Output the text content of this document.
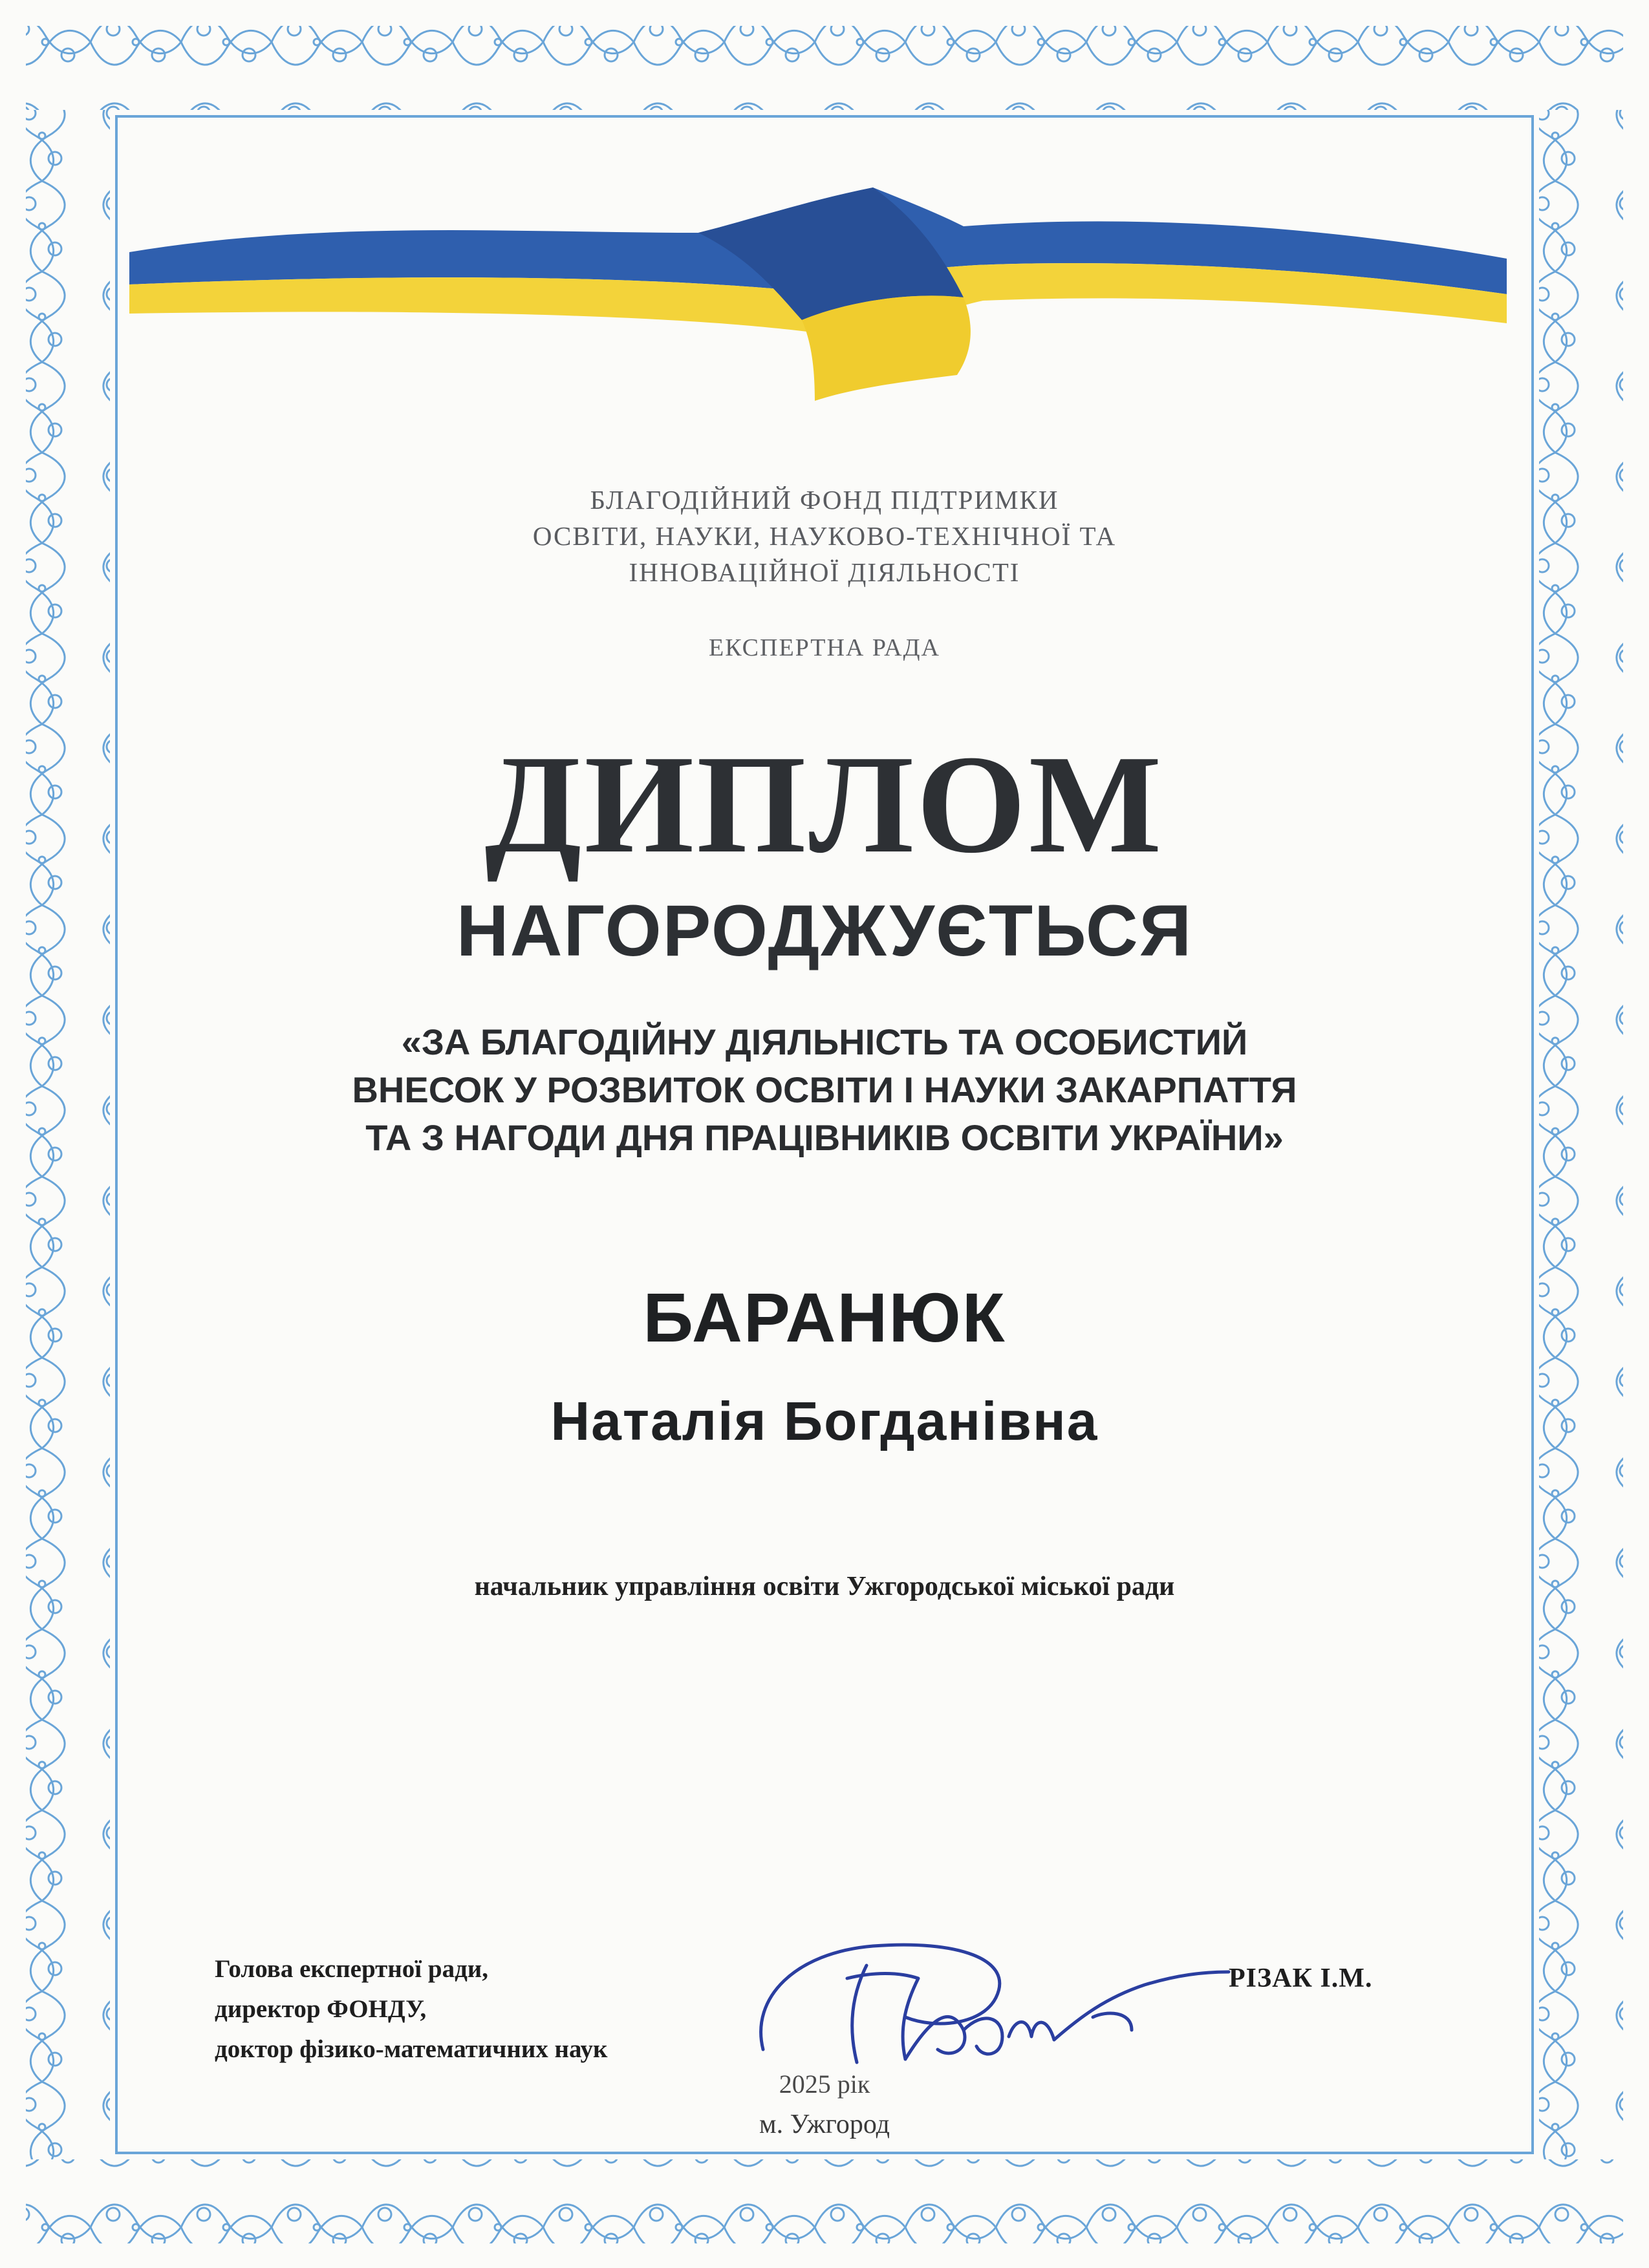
БЛАГОДІЙНИЙ ФОНД ПІДТРИМКИ
ОСВІТИ, НАУКИ, НАУКОВО-ТЕХНІЧНОЇ ТА
ІННОВАЦІЙНОЇ ДІЯЛЬНОСТІ
ЕКСПЕРТНА РАДА
ДИПЛОМ
НАГОРОДЖУЄТЬСЯ
«ЗА БЛАГОДІЙНУ ДІЯЛЬНІСТЬ ТА ОСОБИСТИЙ
ВНЕСОК У РОЗВИТОК ОСВІТИ І НАУКИ ЗАКАРПАТТЯ
ТА З НАГОДИ ДНЯ ПРАЦІВНИКІВ ОСВІТИ УКРАЇНИ»
БАРАНЮК
Наталія Богданівна
начальник управління освіти Ужгородської міської ради
Голова експертної ради,
директор ФОНДУ,
доктор фізико-математичних наук
РІЗАК І.М.
2025 рік
м. Ужгород
